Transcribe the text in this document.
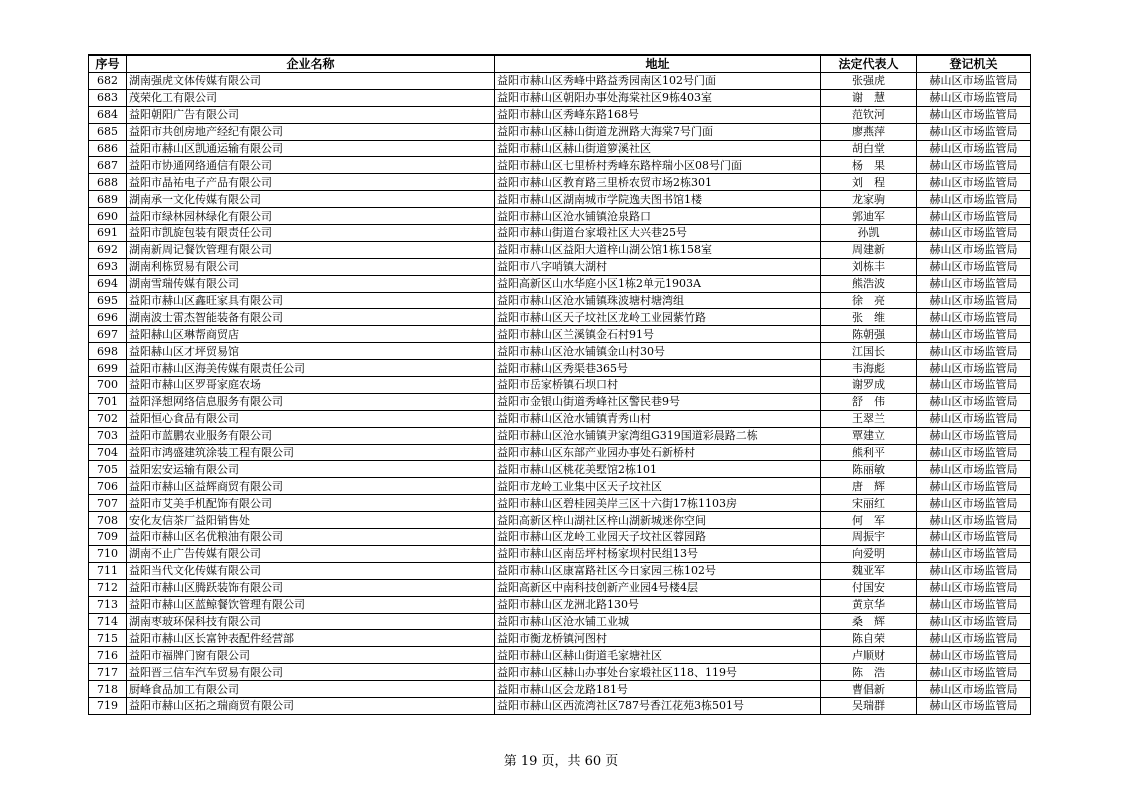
序号	企业名称	地址	法定代表人	登记机关
682	湖南强虎文体传媒有限公司	益阳市赫山区秀峰中路益秀园南区102号门面	张强虎	赫山区市场监管局
683	茂荣化工有限公司	益阳市赫山区朝阳办事处海棠社区9栋403室	谢　慧	赫山区市场监管局
684	益阳朝阳广告有限公司	益阳市赫山区秀峰东路168号	范钦河	赫山区市场监管局
685	益阳市共创房地产经纪有限公司	益阳市赫山区赫山街道龙洲路大海棠7号门面	廖燕萍	赫山区市场监管局
686	益阳市赫山区凯通运输有限公司	益阳市赫山区赫山街道箩溪社区	胡白堂	赫山区市场监管局
687	益阳市协通网络通信有限公司	益阳市赫山区七里桥村秀峰东路梓瑞小区08号门面	杨　果	赫山区市场监管局
688	益阳市晶祐电子产品有限公司	益阳市赫山区教育路三里桥农贸市场2栋301	刘　程	赫山区市场监管局
689	湖南承一文化传媒有限公司	益阳市赫山区湖南城市学院逸夫图书馆1楼	龙家驹	赫山区市场监管局
690	益阳市绿林园林绿化有限公司	益阳市赫山区沧水铺镇沧泉路口	郭迪军	赫山区市场监管局
691	益阳市凯旋包装有限责任公司	益阳市赫山街道台家塅社区大兴巷25号	孙凯	赫山区市场监管局
692	湖南新周记餐饮管理有限公司	益阳市赫山区益阳大道梓山湖公馆1栋158室	周建新	赫山区市场监管局
693	湖南利栋贸易有限公司	益阳市八字哨镇大湖村	刘栋丰	赫山区市场监管局
694	湖南雪瑞传媒有限公司	益阳高新区山水华庭小区1栋2单元1903A	熊浩波	赫山区市场监管局
695	益阳市赫山区鑫旺家具有限公司	益阳市赫山区沧水铺镇珠波塘村塘湾组	徐　亮	赫山区市场监管局
696	湖南波士雷杰智能装备有限公司	益阳市赫山区天子坟社区龙岭工业园紫竹路	张　维	赫山区市场监管局
697	益阳赫山区琳帮商贸店	益阳市赫山区兰溪镇金石村91号	陈朝强	赫山区市场监管局
698	益阳赫山区才坪贸易馆	益阳市赫山区沧水铺镇金山村30号	江国长	赫山区市场监管局
699	益阳市赫山区海美传媒有限责任公司	益阳市赫山区秀渠巷365号	韦海彪	赫山区市场监管局
700	益阳市赫山区罗哥家庭农场	益阳市岳家桥镇石坝口村	谢罗成	赫山区市场监管局
701	益阳泽想网络信息服务有限公司	益阳市金银山街道秀峰社区警民巷9号	舒　伟	赫山区市场监管局
702	益阳恒心食品有限公司	益阳市赫山区沧水铺镇青秀山村	王翠兰	赫山区市场监管局
703	益阳市蓝鹏农业服务有限公司	益阳市赫山区沧水铺镇尹家湾组G319国道彩晨路二栋	覃建立	赫山区市场监管局
704	益阳市鸿盛建筑涂装工程有限公司	益阳市赫山区东部产业园办事处石新桥村	熊利平	赫山区市场监管局
705	益阳宏安运输有限公司	益阳市赫山区桃花美墅馆2栋101	陈丽敏	赫山区市场监管局
706	益阳市赫山区益辉商贸有限公司	益阳市龙岭工业集中区天子坟社区	唐　辉	赫山区市场监管局
707	益阳市艾美手机配饰有限公司	益阳市赫山区碧桂园美岸三区十六街17栋1103房	宋丽红	赫山区市场监管局
708	安化友信茶厂益阳销售处	益阳高新区梓山湖社区梓山湖新城迷你空间	何　军	赫山区市场监管局
709	益阳市赫山区名优粮油有限公司	益阳市赫山区龙岭工业园天子坟社区蓉园路	周振宇	赫山区市场监管局
710	湖南不止广告传媒有限公司	益阳市赫山区南岳坪村杨家坝村民组13号	向爱明	赫山区市场监管局
711	益阳当代文化传媒有限公司	益阳市赫山区康富路社区今日家园三栋102号	魏亚军	赫山区市场监管局
712	益阳市赫山区腾跃装饰有限公司	益阳高新区中南科技创新产业园4号楼4层	付国安	赫山区市场监管局
713	益阳市赫山区蓝鲸餐饮管理有限公司	益阳市赫山区龙洲北路130号	黄京华	赫山区市场监管局
714	湖南枣玻环保科技有限公司	益阳市赫山区沧水铺工业城	桑　辉	赫山区市场监管局
715	益阳市赫山区长富钟表配件经营部	益阳市衡龙桥镇河图村	陈自荣	赫山区市场监管局
716	益阳市福牌门窗有限公司	益阳市赫山区赫山街道毛家塘社区	卢顺财	赫山区市场监管局
717	益阳晋三信车汽车贸易有限公司	益阳市赫山区赫山办事处台家塅社区118、119号	陈　浩	赫山区市场监管局
718	厨峰食品加工有限公司	益阳市赫山区会龙路181号	曹倡新	赫山区市场监管局
719	益阳市赫山区拓之瑞商贸有限公司	益阳市赫山区西流湾社区787号香江花苑3栋501号	吴瑞群	赫山区市场监管局
第 19 页，共 60 页
